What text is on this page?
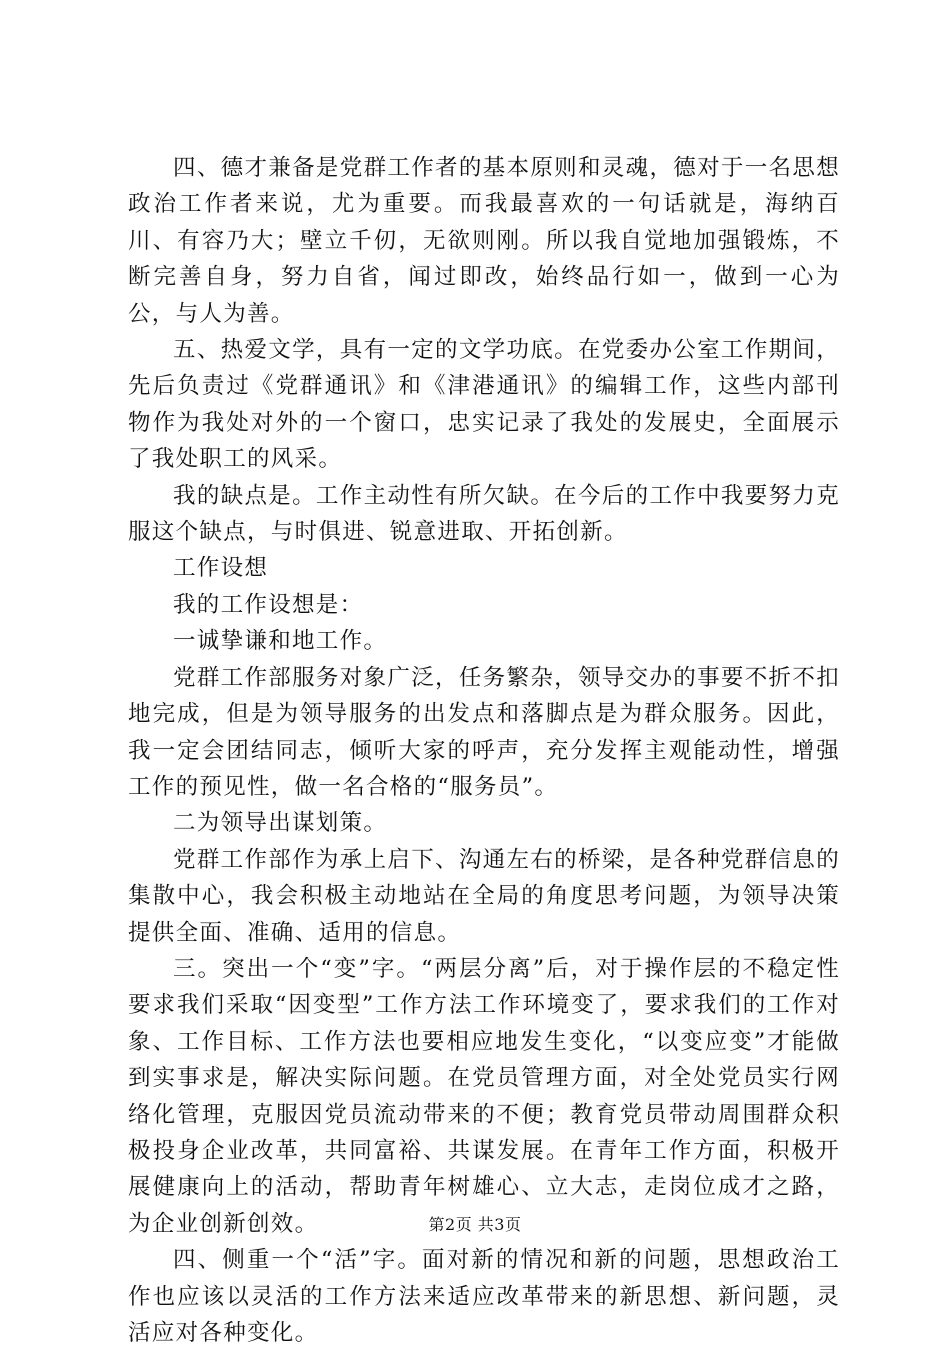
四、德才兼备是党群工作者的基本原则和灵魂，德对于一名思想政治工作者来说，尤为重要。而我最喜欢的一句话就是，海纳百川、有容乃大；壁立千仞，无欲则刚。所以我自觉地加强锻炼，不断完善自身，努力自省，闻过即改，始终品行如一，做到一心为公，与人为善。

五、热爱文学，具有一定的文学功底。在党委办公室工作期间，先后负责过《党群通讯》和《津港通讯》的编辑工作，这些内部刊物作为我处对外的一个窗口，忠实记录了我处的发展史，全面展示了我处职工的风采。

我的缺点是。工作主动性有所欠缺。在今后的工作中我要努力克服这个缺点，与时俱进、锐意进取、开拓创新。

工作设想

我的工作设想是：

一诚挚谦和地工作。

党群工作部服务对象广泛，任务繁杂，领导交办的事要不折不扣地完成，但是为领导服务的出发点和落脚点是为群众服务。因此，我一定会团结同志，倾听大家的呼声，充分发挥主观能动性，增强工作的预见性，做一名合格的“服务员”。

二为领导出谋划策。

党群工作部作为承上启下、沟通左右的桥梁，是各种党群信息的集散中心，我会积极主动地站在全局的角度思考问题，为领导决策提供全面、准确、适用的信息。

三。突出一个“变”字。“两层分离”后，对于操作层的不稳定性要求我们采取“因变型”工作方法工作环境变了，要求我们的工作对象、工作目标、工作方法也要相应地发生变化，“以变应变”才能做到实事求是，解决实际问题。在党员管理方面，对全处党员实行网络化管理，克服因党员流动带来的不便；教育党员带动周围群众积极投身企业改革，共同富裕、共谋发展。在青年工作方面，积极开展健康向上的活动，帮助青年树雄心、立大志，走岗位成才之路，为企业创新创效。

四、侧重一个“活”字。面对新的情况和新的问题，思想政治工作也应该以灵活的工作方法来适应改革带来的新思想、新问题，灵活应对各种变化。

第2页 共3页
